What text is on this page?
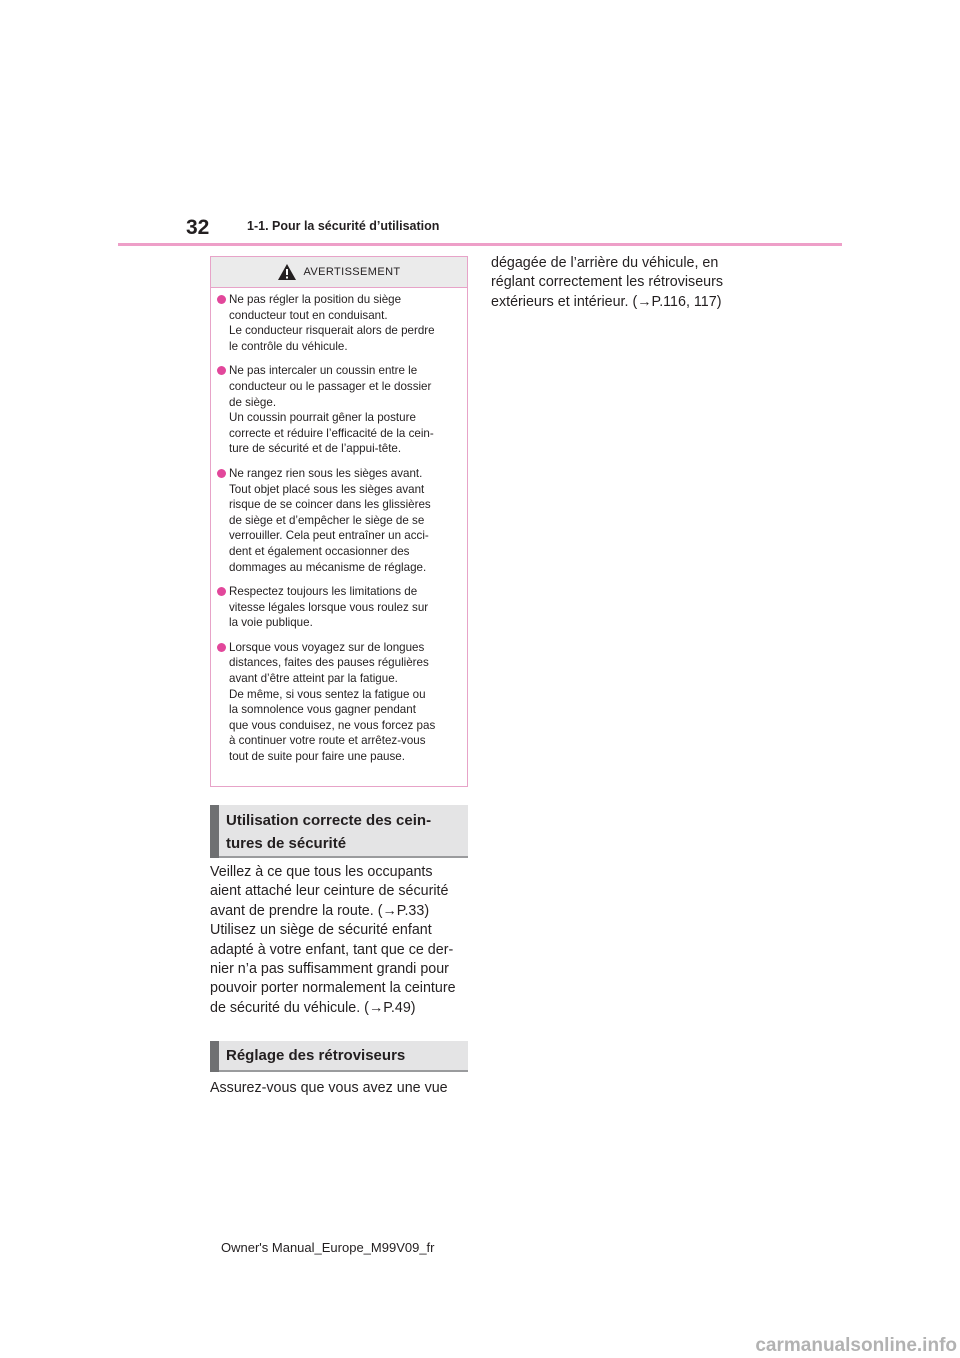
32	1-1. Pour la sécurité d’utilisation
AVERTISSEMENT
Ne pas régler la position du siège
conducteur tout en conduisant.
Le conducteur risquerait alors de perdre
le contrôle du véhicule.
Ne pas intercaler un coussin entre le
conducteur ou le passager et le dossier
de siège.
Un coussin pourrait gêner la posture
correcte et réduire l’efficacité de la cein-
ture de sécurité et de l’appui-tête.
Ne rangez rien sous les sièges avant.
Tout objet placé sous les sièges avant
risque de se coincer dans les glissières
de siège et d’empêcher le siège de se
verrouiller. Cela peut entraîner un acci-
dent et également occasionner des
dommages au mécanisme de réglage.
Respectez toujours les limitations de
vitesse légales lorsque vous roulez sur
la voie publique.
Lorsque vous voyagez sur de longues
distances, faites des pauses régulières
avant d’être atteint par la fatigue.
De même, si vous sentez la fatigue ou
la somnolence vous gagner pendant
que vous conduisez, ne vous forcez pas
à continuer votre route et arrêtez-vous
tout de suite pour faire une pause.
Utilisation correcte des cein-
tures de sécurité
Veillez à ce que tous les occupants
aient attaché leur ceinture de sécurité
avant de prendre la route. (→P.33)
Utilisez un siège de sécurité enfant
adapté à votre enfant, tant que ce der-
nier n’a pas suffisamment grandi pour
pouvoir porter normalement la ceinture
de sécurité du véhicule. (→P.49)
Réglage des rétroviseurs
Assurez-vous que vous avez une vue
dégagée de l’arrière du véhicule, en
réglant correctement les rétroviseurs
extérieurs et intérieur. (→P.116, 117)
Owner's Manual_Europe_M99V09_fr
carmanualsonline.info
